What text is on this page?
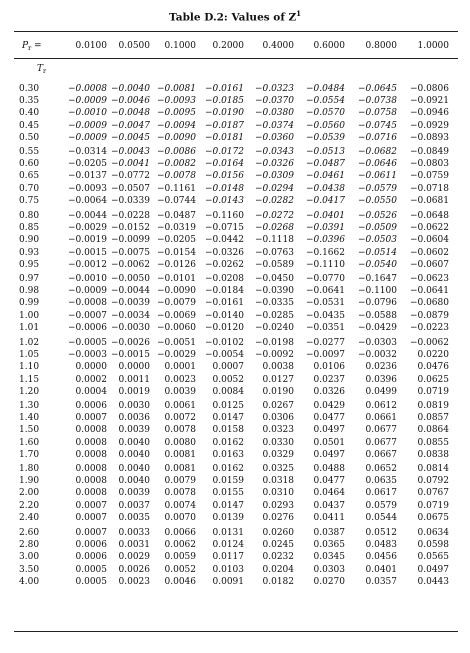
Table D.2: Values of $Z^1$
$P_r$ =	0.0100	0.0500	0.1000	0.2000	0.4000	0.6000	0.8000	1.0000
$T_r$
0.30	−0.0008 −0.0040 −0.0081 −0.0161	−0.0323	−0.0484	−0.0645	−0.0806
0.35	−0.0009 −0.0046 −0.0093 −0.0185	−0.0370	−0.0554	−0.0738	−0.0921
0.40	−0.0010 −0.0048 −0.0095 −0.0190	−0.0380	−0.0570	−0.0758	−0.0946
0.45	−0.0009 −0.0047 −0.0094 −0.0187	−0.0374	−0.0560	−0.0745	−0.0929
0.50	−0.0009 −0.0045 −0.0090 −0.0181	−0.0360	−0.0539	−0.0716	−0.0893
0.55	−0.0314 −0.0043 −0.0086 −0.0172	−0.0343	−0.0513	−0.0682	−0.0849
0.60	−0.0205 −0.0041 −0.0082 −0.0164	−0.0326	−0.0487	−0.0646	−0.0803
0.65	−0.0137 −0.0772 −0.0078 −0.0156	−0.0309	−0.0461	−0.0611	−0.0759
0.70	−0.0093 −0.0507 −0.1161 −0.0148	−0.0294	−0.0438	−0.0579	−0.0718
0.75	−0.0064 −0.0339 −0.0744 −0.0143	−0.0282	−0.0417	−0.0550	−0.0681
0.80	−0.0044 −0.0228 −0.0487 −0.1160	−0.0272	−0.0401	−0.0526	−0.0648
0.85	−0.0029 −0.0152 −0.0319 −0.0715	−0.0268	−0.0391	−0.0509	−0.0622
0.90	−0.0019 −0.0099 −0.0205 −0.0442	−0.1118	−0.0396	−0.0503	−0.0604
0.93	−0.0015 −0.0075 −0.0154 −0.0326	−0.0763	−0.1662	−0.0514	−0.0602
0.95	−0.0012 −0.0062 −0.0126 −0.0262	−0.0589	−0.1110	−0.0540	−0.0607
0.97	−0.0010 −0.0050 −0.0101 −0.0208	−0.0450	−0.0770	−0.1647	−0.0623
0.98	−0.0009 −0.0044 −0.0090 −0.0184	−0.0390	−0.0641	−0.1100	−0.0641
0.99	−0.0008 −0.0039 −0.0079 −0.0161	−0.0335	−0.0531	−0.0796	−0.0680
1.00	−0.0007 −0.0034 −0.0069 −0.0140	−0.0285	−0.0435	−0.0588	−0.0879
1.01	−0.0006 −0.0030 −0.0060 −0.0120	−0.0240	−0.0351	−0.0429	−0.0223
1.02	−0.0005 −0.0026 −0.0051 −0.0102	−0.0198	−0.0277	−0.0303	−0.0062
1.05	−0.0003 −0.0015 −0.0029 −0.0054	−0.0092	−0.0097	−0.0032	0.0220
1.10	0.0000	0.0000	0.0001	0.0007	0.0038	0.0106	0.0236	0.0476
1.15	0.0002	0.0011	0.0023	0.0052	0.0127	0.0237	0.0396	0.0625
1.20	0.0004	0.0019	0.0039	0.0084	0.0190	0.0326	0.0499	0.0719
1.30	0.0006	0.0030	0.0061	0.0125	0.0267	0.0429	0.0612	0.0819
1.40	0.0007	0.0036	0.0072	0.0147	0.0306	0.0477	0.0661	0.0857
1.50	0.0008	0.0039	0.0078	0.0158	0.0323	0.0497	0.0677	0.0864
1.60	0.0008	0.0040	0.0080	0.0162	0.0330	0.0501	0.0677	0.0855
1.70	0.0008	0.0040	0.0081	0.0163	0.0329	0.0497	0.0667	0.0838
1.80	0.0008	0.0040	0.0081	0.0162	0.0325	0.0488	0.0652	0.0814
1.90	0.0008	0.0040	0.0079	0.0159	0.0318	0.0477	0.0635	0.0792
2.00	0.0008	0.0039	0.0078	0.0155	0.0310	0.0464	0.0617	0.0767
2.20	0.0007	0.0037	0.0074	0.0147	0.0293	0.0437	0.0579	0.0719
2.40	0.0007	0.0035	0.0070	0.0139	0.0276	0.0411	0.0544	0.0675
2.60	0.0007	0.0033	0.0066	0.0131	0.0260	0.0387	0.0512	0.0634
2.80	0.0006	0.0031	0.0062	0.0124	0.0245	0.0365	0.0483	0.0598
3.00	0.0006	0.0029	0.0059	0.0117	0.0232	0.0345	0.0456	0.0565
3.50	0.0005	0.0026	0.0052	0.0103	0.0204	0.0303	0.0401	0.0497
4.00	0.0005	0.0023	0.0046	0.0091	0.0182	0.0270	0.0357	0.0443
